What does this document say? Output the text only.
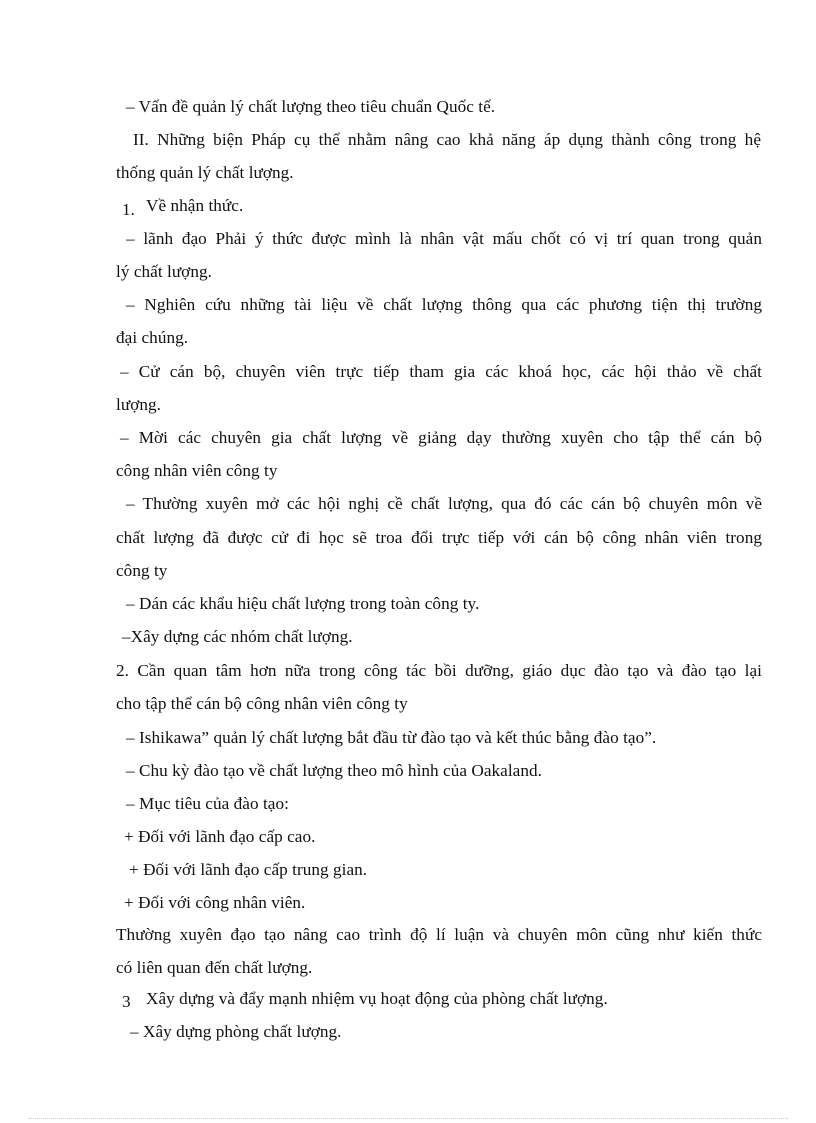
– Vấn đề quản lý chất lượng theo tiêu chuẩn Quốc tế.
II. Những biện Pháp cụ thể nhằm nâng cao khả năng áp dụng thành công trong hệ
thống quản lý chất lượng.
1. Về nhận thức.
– lãnh đạo Phải ý thức được mình là nhân vật mấu chốt có vị trí quan trong quản
lý chất lượng.
– Nghiên cứu những tài liệu về chất lượng thông qua các phương tiện thị trường
đại chúng.
– Cử cán bộ, chuyên viên trực tiếp tham gia các khoá học, các hội thảo về chất
lượng.
– Mời các chuyên gia chất lượng về giảng dạy thường xuyên cho tập thể cán bộ
công nhân viên công ty
– Thường xuyên mở các hội nghị cề chất lượng, qua đó các cán bộ chuyên môn về
chất lượng đã được cử đi học sẽ troa đổi trực tiếp với cán bộ công nhân viên trong
công ty
– Dán các khẩu hiệu chất lượng trong toàn công ty.
–Xây dựng các nhóm chất lượng.
2. Cần quan tâm hơn nữa trong công tác bồi dưỡng, giáo dục đào tạo và đào tạo lại
cho tập thể cán bộ công nhân viên công ty
– Ishikawa” quản lý chất lượng bắt đầu từ đào tạo và kết thúc bằng đào tạo”.
– Chu kỳ đào tạo về chất lượng theo mô hình của Oakaland.
– Mục tiêu của đào tạo:
+ Đối với lãnh đạo cấp cao.
+ Đối với lãnh đạo cấp trung gian.
+ Đối với công nhân viên.
Thường xuyên đạo tạo nâng cao trình độ lí luận và chuyên môn cũng như kiến thức
có liên quan đến chất lượng.
3 Xây dựng và đẩy mạnh nhiệm vụ hoạt động của phòng chất lượng.
– Xây dựng phòng chất lượng.
